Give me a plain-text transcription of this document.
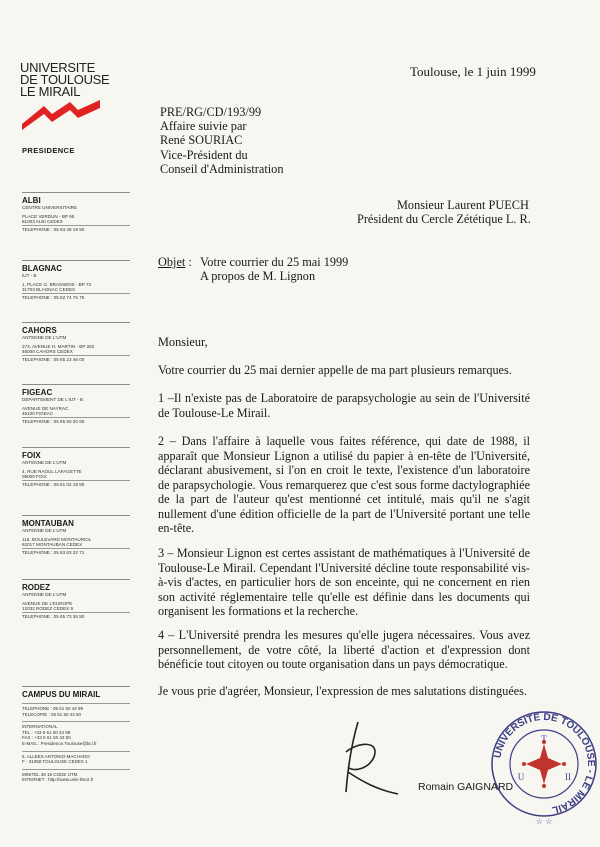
UNIVERSITE
DE TOULOUSE
LE MIRAIL
PRESIDENCE
ALBI
CENTRE UNIVERSITAIRE
PLACE VERDUN - BP 95
81003 ALBI CEDEX
TELEPHONE : 05 63 48 19 50
BLAGNAC
IUT - B
1, PLACE G. BRASSENS - BP 73
31703 BLAGNAC CEDEX
TELEPHONE : 05 62 74 75 75
CAHORS
ANTENNE DE L'UTM
273, AVENUE H. MARTIN - BP 282
46000 CAHORS CEDEX
TELEPHONE : 05 65 23 46 00
FIGEAC
DEPARTEMENT DE L'IUT - B
AVENUE DE NAYRAC
46100 FIGEAC
TELEPHONE : 05 65 50 20 60
FOIX
ANTENNE DE L'UTM
4, RUE RAOUL LAFAGETTE
09000 FOIX
TELEPHONE : 05 61 02 19 80
MONTAUBAN
ANTENNE DE L'UTM
116, BOULEVARD MONTAURIOL
82017 MONTAUBAN CEDEX
TELEPHONE : 05 63 63 32 71
RODEZ
ANTENNE DE L'UTM
AVENUE DE L'EUROPE
12032 RODEZ CEDEX 9
TELEPHONE : 05 65 73 36 50
CAMPUS DU MIRAIL
TELEPHONE : 05 61 50 44 99
TELECOPIE : 05 61 50 43 50
INTERNATIONAL
TEL : +33 5 61 50 44 99
FAX : +33 5 61 50 43 50
E-MAIL : Presidence.Toulouse@bci.fr
5, ALLEES ANTONIO-MACHADO
F - 31058 TOULOUSE CEDEX 1
MINITEL 36 16 CODE UTM
INTERNET : http://www.univ-tlse2.fr
Toulouse, le 1 juin 1999
PRE/RG/CD/193/99
Affaire suivie par
René SOURIAC
Vice-Président du
Conseil d'Administration
Monsieur Laurent PUECH
Président du Cercle Zététique L. R.
Objet : Votre courrier du 25 mai 1999
A propos de M. Lignon
Monsieur,
Votre courrier du 25 mai dernier appelle de ma part plusieurs remarques.
1 –Il n'existe pas de Laboratoire de parapsychologie au sein de l'Université de Toulouse-Le Mirail.
2 – Dans l'affaire à laquelle vous faites référence, qui date de 1988, il apparaît que Monsieur Lignon a utilisé du papier à en-tête de l'Université, déclarant abusivement, si l'on en croit le texte, l'existence d'un laboratoire de parapsychologie. Vous remarquerez que c'est sous forme dactylographiée de la part de l'auteur qu'est mentionné cet intitulé, mais qu'il ne s'agit nullement d'une édition officielle de la part de l'Université portant une telle en-tête.
3 – Monsieur Lignon est certes assistant de mathématiques à l'Université de Toulouse-Le Mirail. Cependant l'Université décline toute responsabilité vis-à-vis d'actes, en particulier hors de son enceinte, qui ne concernent en rien son activité réglementaire telle qu'elle est définie dans les documents qui organisent les formations et la recherche.
4 – L'Université prendra les mesures qu'elle jugera nécessaires. Vous avez personnellement, de votre côté, la liberté d'action et d'expression dont bénéficie tout citoyen ou toute organisation dans un pays démocratique.
Je vous prie d'agréer, Monsieur, l'expression de mes salutations distinguées.
Romain GAIGNARD
UNIVERSITE DE TOULOUSE - LE MIRAIL
T
U	II
☆ ☆
